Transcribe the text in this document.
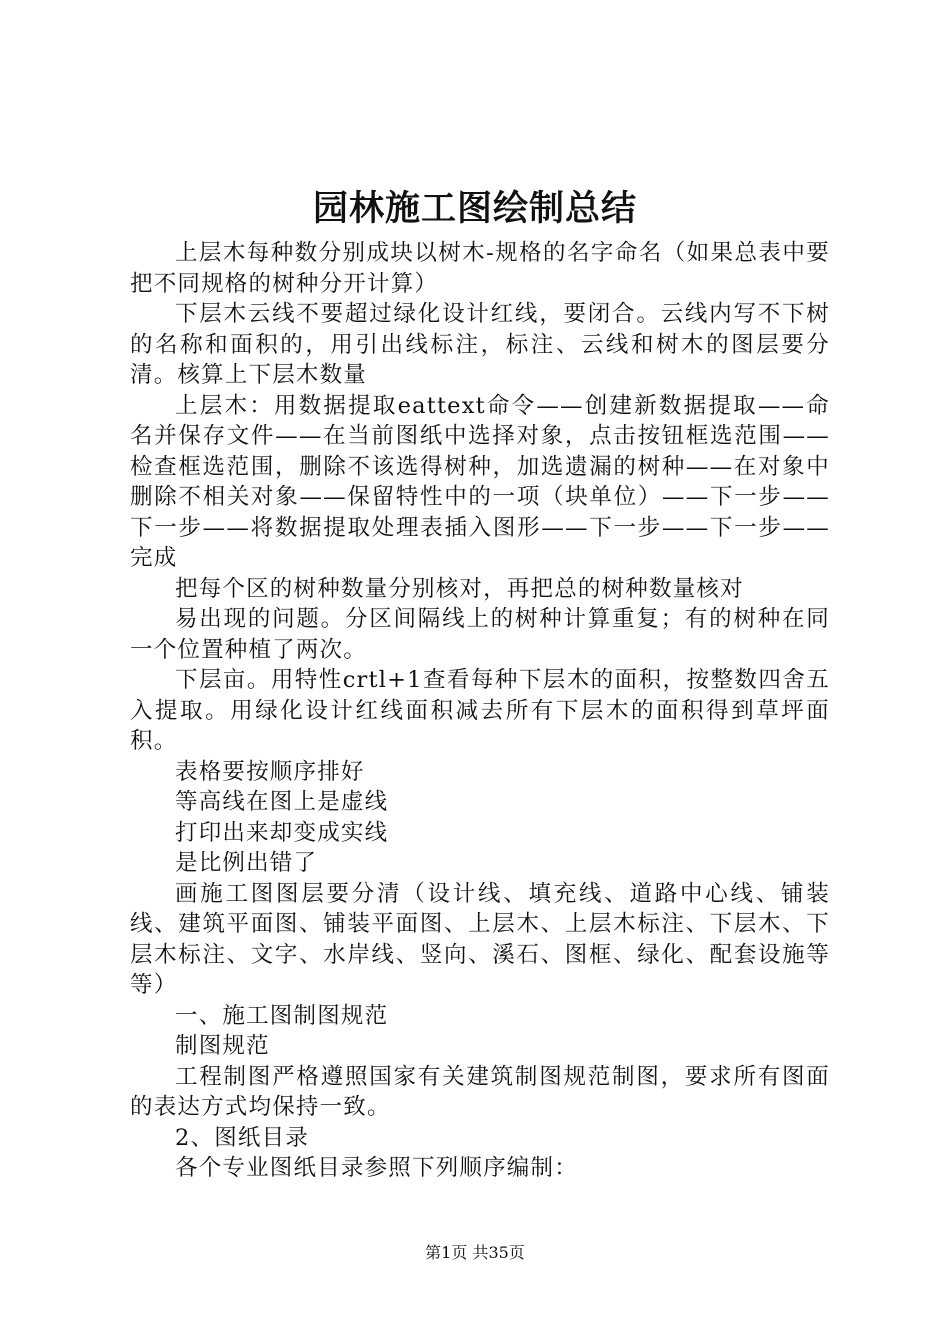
园林施工图绘制总结

上层木每种数分别成块以树木-规格的名字命名（如果总表中要把不同规格的树种分开计算）

下层木云线不要超过绿化设计红线，要闭合。云线内写不下树的名称和面积的，用引出线标注，标注、云线和树木的图层要分清。核算上下层木数量

上层木：用数据提取eattext命令——创建新数据提取——命名并保存文件——在当前图纸中选择对象，点击按钮框选范围——检查框选范围，删除不该选得树种，加选遗漏的树种——在对象中删除不相关对象——保留特性中的一项（块单位）——下一步——下一步——将数据提取处理表插入图形——下一步——下一步——完成

把每个区的树种数量分别核对，再把总的树种数量核对

易出现的问题。分区间隔线上的树种计算重复；有的树种在同一个位置种植了两次。

下层亩。用特性crtl+1查看每种下层木的面积，按整数四舍五入提取。用绿化设计红线面积减去所有下层木的面积得到草坪面积。

表格要按顺序排好

等高线在图上是虚线

打印出来却变成实线

是比例出错了

画施工图图层要分清（设计线、填充线、道路中心线、铺装线、建筑平面图、铺装平面图、上层木、上层木标注、下层木、下层木标注、文字、水岸线、竖向、溪石、图框、绿化、配套设施等等）

一、施工图制图规范

制图规范

工程制图严格遵照国家有关建筑制图规范制图，要求所有图面的表达方式均保持一致。

2、图纸目录

各个专业图纸目录参照下列顺序编制：

第1页 共35页
